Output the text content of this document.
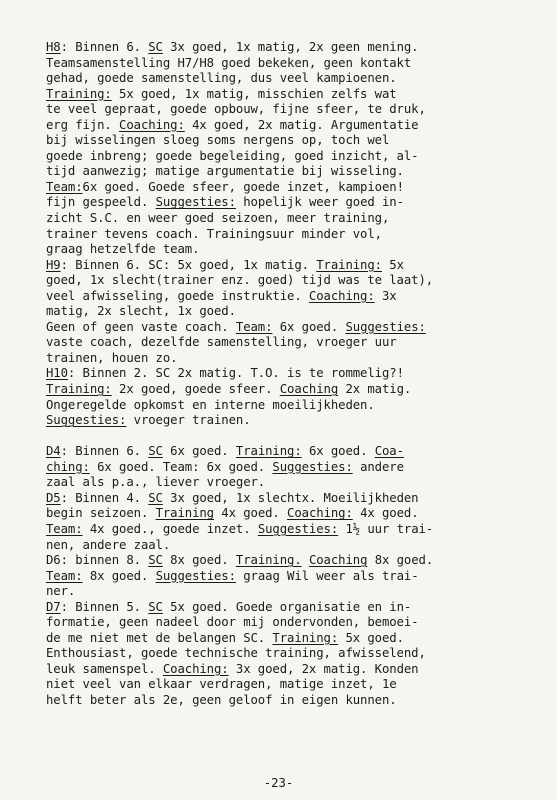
H8: Binnen 6. SC 3x goed, 1x matig, 2x geen mening.
Teamsamenstelling H7/H8 goed bekeken, geen kontakt
gehad, goede samenstelling, dus veel kampioenen.
Training: 5x goed, 1x matig, misschien zelfs wat
te veel gepraat, goede opbouw, fijne sfeer, te druk,
erg fijn. Coaching: 4x goed, 2x matig. Argumentatie
bij wisselingen sloeg soms nergens op, toch wel
goede inbreng; goede begeleiding, goed inzicht, al-
tijd aanwezig; matige argumentatie bij wisseling.
Team:6x goed. Goede sfeer, goede inzet, kampioen!
fijn gespeeld. Suggesties: hopelijk weer goed in-
zicht S.C. en weer goed seizoen, meer training,
trainer tevens coach. Trainingsuur minder vol,
graag hetzelfde team.
H9: Binnen 6. SC: 5x goed, 1x matig. Training: 5x
goed, 1x slecht(trainer enz. goed) tijd was te laat),
veel afwisseling, goede instruktie. Coaching: 3x
matig, 2x slecht, 1x goed.
Geen of geen vaste coach. Team: 6x goed. Suggesties:
vaste coach, dezelfde samenstelling, vroeger uur
trainen, houen zo.
H10: Binnen 2. SC 2x matig. T.O. is te rommelig?!
Training: 2x goed, goede sfeer. Coaching 2x matig.
Ongeregelde opkomst en interne moeilijkheden.
Suggesties: vroeger trainen.
D4: Binnen 6. SC 6x goed. Training: 6x goed. Coa-
ching: 6x goed. Team: 6x goed. Suggesties: andere
zaal als p.a., liever vroeger.
D5: Binnen 4. SC 3x goed, 1x slechtx. Moeilijkheden
begin seizoen. Training 4x goed. Coaching: 4x goed.
Team: 4x goed., goede inzet. Suggesties: 1½ uur trai-
nen, andere zaal.
D6: binnen 8. SC 8x goed. Training. Coaching 8x goed.
Team: 8x goed. Suggesties: graag Wil weer als trai-
ner.
D7: Binnen 5. SC 5x goed. Goede organisatie en in-
formatie, geen nadeel door mij ondervonden, bemoei-
de me niet met de belangen SC. Training: 5x goed.
Enthousiast, goede technische training, afwisselend,
leuk samenspel. Coaching: 3x goed, 2x matig. Konden
niet veel van elkaar verdragen, matige inzet, 1e
helft beter als 2e, geen geloof in eigen kunnen.
-23-
